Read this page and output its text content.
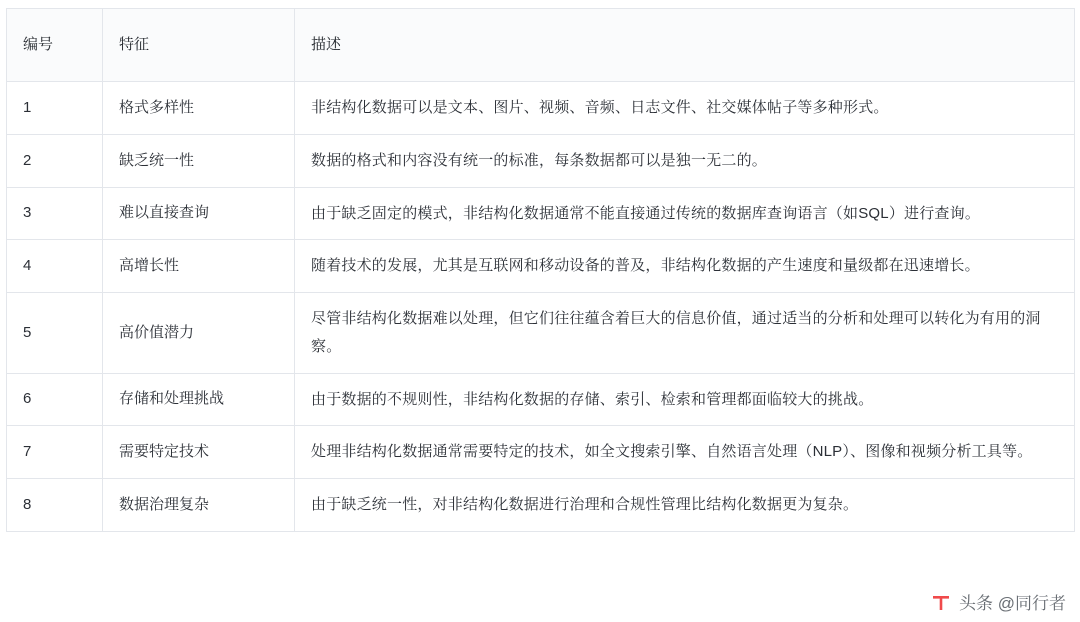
编号	特征	描述
1	格式多样性	非结构化数据可以是文本、图片、视频、音频、日志文件、社交媒体帖子等多种形式。
2	缺乏统一性	数据的格式和内容没有统一的标准，每条数据都可以是独一无二的。
3	难以直接查询	由于缺乏固定的模式，非结构化数据通常不能直接通过传统的数据库查询语言（如SQL）进行查询。
4	高增长性	随着技术的发展，尤其是互联网和移动设备的普及，非结构化数据的产生速度和量级都在迅速增长。
5	高价值潜力	尽管非结构化数据难以处理，但它们往往蕴含着巨大的信息价值，通过适当的分析和处理可以转化为有用的洞察。
6	存储和处理挑战	由于数据的不规则性，非结构化数据的存储、索引、检索和管理都面临较大的挑战。
7	需要特定技术	处理非结构化数据通常需要特定的技术，如全文搜索引擎、自然语言处理（NLP）、图像和视频分析工具等。
8	数据治理复杂	由于缺乏统一性，对非结构化数据进行治理和合规性管理比结构化数据更为复杂。
头条 @同行者
